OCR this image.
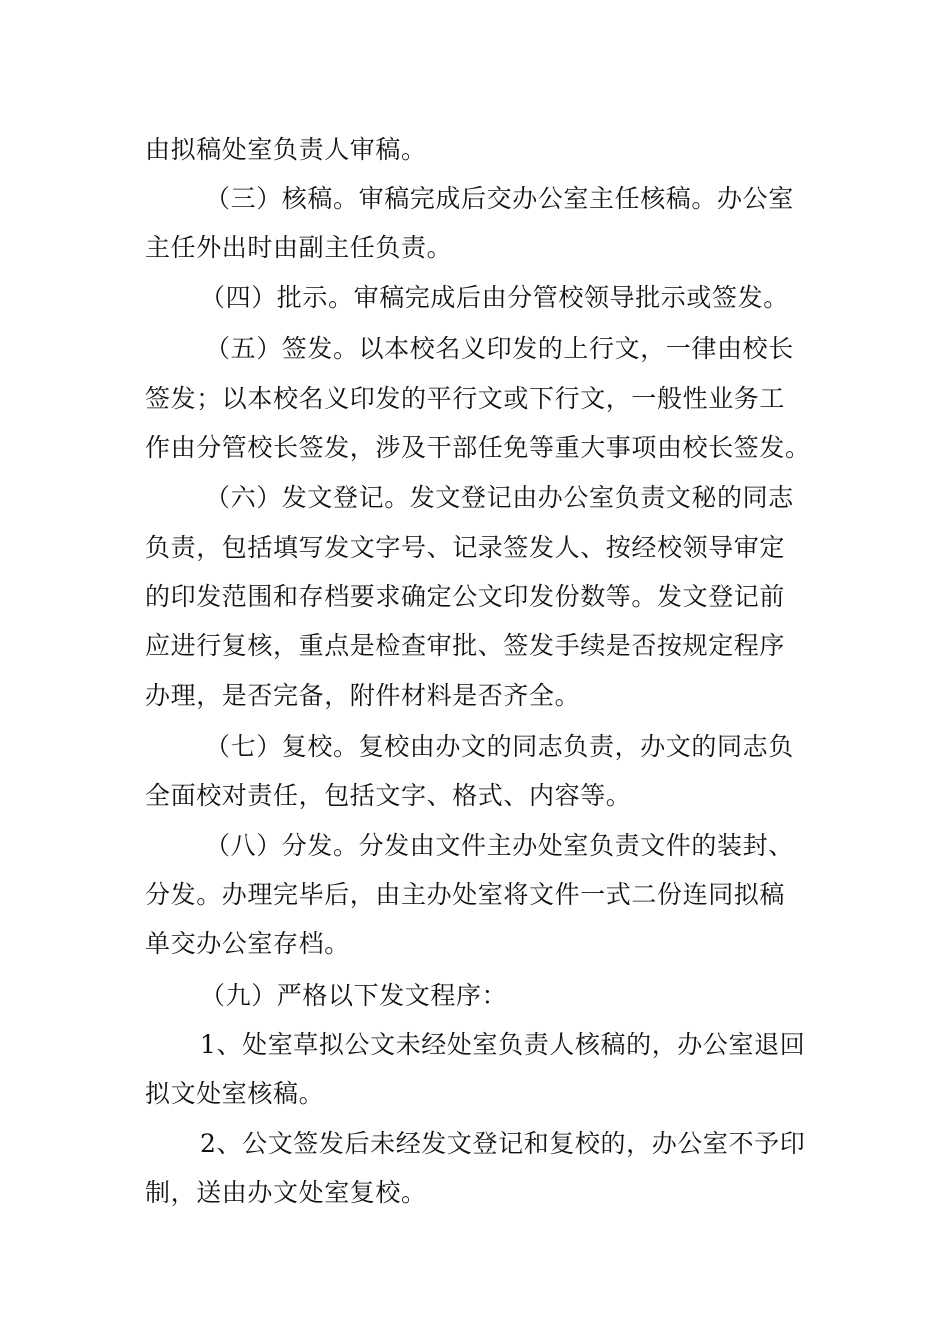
由拟稿处室负责人审稿。
（三）核稿。审稿完成后交办公室主任核稿。办公室
主任外出时由副主任负责。
（四）批示。审稿完成后由分管校领导批示或签发。
（五）签发。以本校名义印发的上行文，一律由校长
签发；以本校名义印发的平行文或下行文，一般性业务工
作由分管校长签发，涉及干部任免等重大事项由校长签发。
（六）发文登记。发文登记由办公室负责文秘的同志
负责，包括填写发文字号、记录签发人、按经校领导审定
的印发范围和存档要求确定公文印发份数等。发文登记前
应进行复核，重点是检查审批、签发手续是否按规定程序
办理，是否完备，附件材料是否齐全。
（七）复校。复校由办文的同志负责，办文的同志负
全面校对责任，包括文字、格式、内容等。
（八）分发。分发由文件主办处室负责文件的装封、
分发。办理完毕后，由主办处室将文件一式二份连同拟稿
单交办公室存档。
（九）严格以下发文程序：
1、处室草拟公文未经处室负责人核稿的，办公室退回
拟文处室核稿。
2、公文签发后未经发文登记和复校的，办公室不予印
制，送由办文处室复校。
